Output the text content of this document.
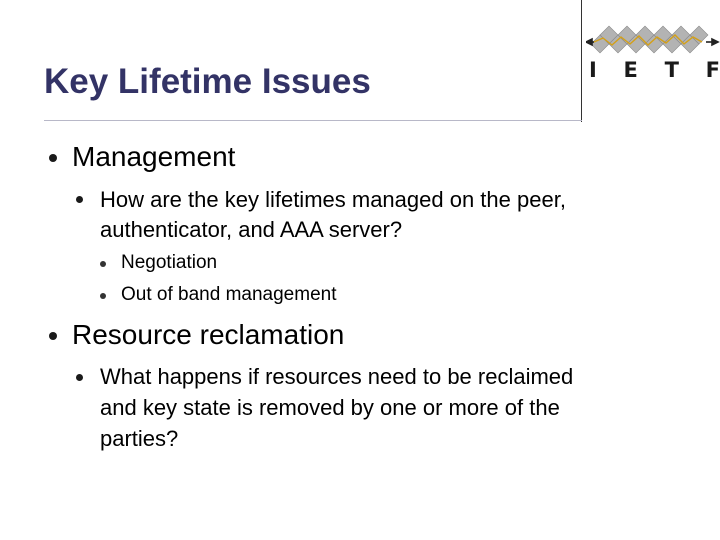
Key Lifetime Issues	I E T F
Management
How are the key lifetimes managed on the peer,
authenticator, and AAA server?
Negotiation
Out of band management
Resource reclamation
What happens if resources need to be reclaimed
and key state is removed by one or more of the
parties?
